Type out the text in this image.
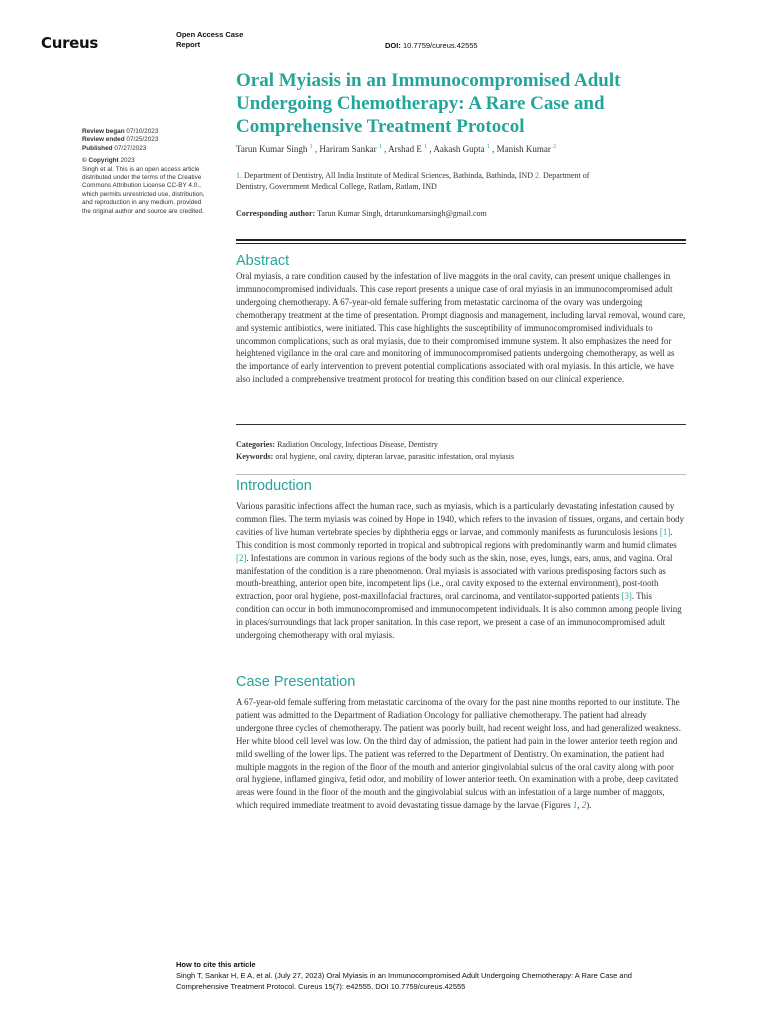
Cureus	Open Access Case
Report	DOI: 10.7759/cureus.42555
Oral Myiasis in an Immunocompromised Adult Undergoing Chemotherapy: A Rare Case and Comprehensive Treatment Protocol
Review began 07/10/2023
Review ended 07/25/2023
Published 07/27/2023
© Copyright 2023
Singh et al. This is an open access article
distributed under the terms of the Creative
Commons Attribution License CC-BY 4.0.,
which permits unrestricted use, distribution,
and reproduction in any medium, provided
the original author and source are credited.
Tarun Kumar Singh $^1$ , Hariram Sankar $^1$ , Arshad E $^1$ , Aakash Gupta $^1$ , Manish Kumar $^2$
1. Department of Dentistry, All India Institute of Medical Sciences, Bathinda, Bathinda, IND 2. Department of
Dentistry, Government Medical College, Ratlam, Ratlam, IND
Corresponding author: Tarun Kumar Singh, drtarunkumarsingh@gmail.com
Abstract

Oral myiasis, a rare condition caused by the infestation of live maggots in the oral cavity, can present unique challenges in immunocompromised individuals. This case report presents a unique case of oral myiasis in an immunocompromised adult undergoing chemotherapy. A 67-year-old female suffering from metastatic carcinoma of the ovary was undergoing chemotherapy treatment at the time of presentation. Prompt diagnosis and management, including larval removal, wound care, and systemic antibiotics, were initiated. This case highlights the susceptibility of immunocompromised individuals to uncommon complications, such as oral myiasis, due to their compromised immune system. It also emphasizes the need for heightened vigilance in the oral care and monitoring of immunocompromised patients undergoing chemotherapy, as well as the importance of early intervention to prevent potential complications associated with oral myiasis. In this article, we have also included a comprehensive treatment protocol for treating this condition based on our clinical experience.

Categories: Radiation Oncology, Infectious Disease, Dentistry
Keywords: oral hygiene, oral cavity, dipteran larvae, parasitic infestation, oral myiasis
Introduction

Various parasitic infections affect the human race, such as myiasis, which is a particularly devastating infestation caused by common flies. The term myiasis was coined by Hope in 1940, which refers to the invasion of tissues, organs, and certain body cavities of live human vertebrate species by diphtheria eggs or larvae, and commonly manifests as furunculosis lesions [1]. This condition is most commonly reported in tropical and subtropical regions with predominantly warm and humid climates [2]. Infestations are common in various regions of the body such as the skin, nose, eyes, lungs, ears, anus, and vagina. Oral manifestation of the condition is a rare phenomenon. Oral myiasis is associated with various predisposing factors such as mouth-breathing, anterior open bite, incompetent lips (i.e., oral cavity exposed to the external environment), post-tooth extraction, poor oral hygiene, post-maxillofacial fractures, oral carcinoma, and ventilator-supported patients [3]. This condition can occur in both immunocompromised and immunocompetent individuals. It is also common among people living in places/surroundings that lack proper sanitation. In this case report, we present a case of an immunocompromised adult undergoing chemotherapy with oral myiasis.

Case Presentation

A 67-year-old female suffering from metastatic carcinoma of the ovary for the past nine months reported to our institute. The patient was admitted to the Department of Radiation Oncology for palliative chemotherapy. The patient had already undergone three cycles of chemotherapy. The patient was poorly built, had recent weight loss, and had generalized weakness. Her white blood cell level was low. On the third day of admission, the patient had pain in the lower anterior teeth region and mild swelling of the lower lips. The patient was referred to the Department of Dentistry. On examination, the patient had multiple maggots in the region of the floor of the mouth and anterior gingivolabial sulcus of the oral cavity along with poor oral hygiene, inflamed gingiva, fetid odor, and mobility of lower anterior teeth. On examination with a probe, deep cavitated areas were found in the floor of the mouth and the gingivolabial sulcus with an infestation of a large number of maggots, which required immediate treatment to avoid devastating tissue damage by the larvae (Figures 1, 2).

How to cite this article
Singh T, Sankar H, E A, et al. (July 27, 2023) Oral Myiasis in an Immunocompromised Adult Undergoing Chemotherapy: A Rare Case and
Comprehensive Treatment Protocol. Cureus 15(7): e42555. DOI 10.7759/cureus.42555
